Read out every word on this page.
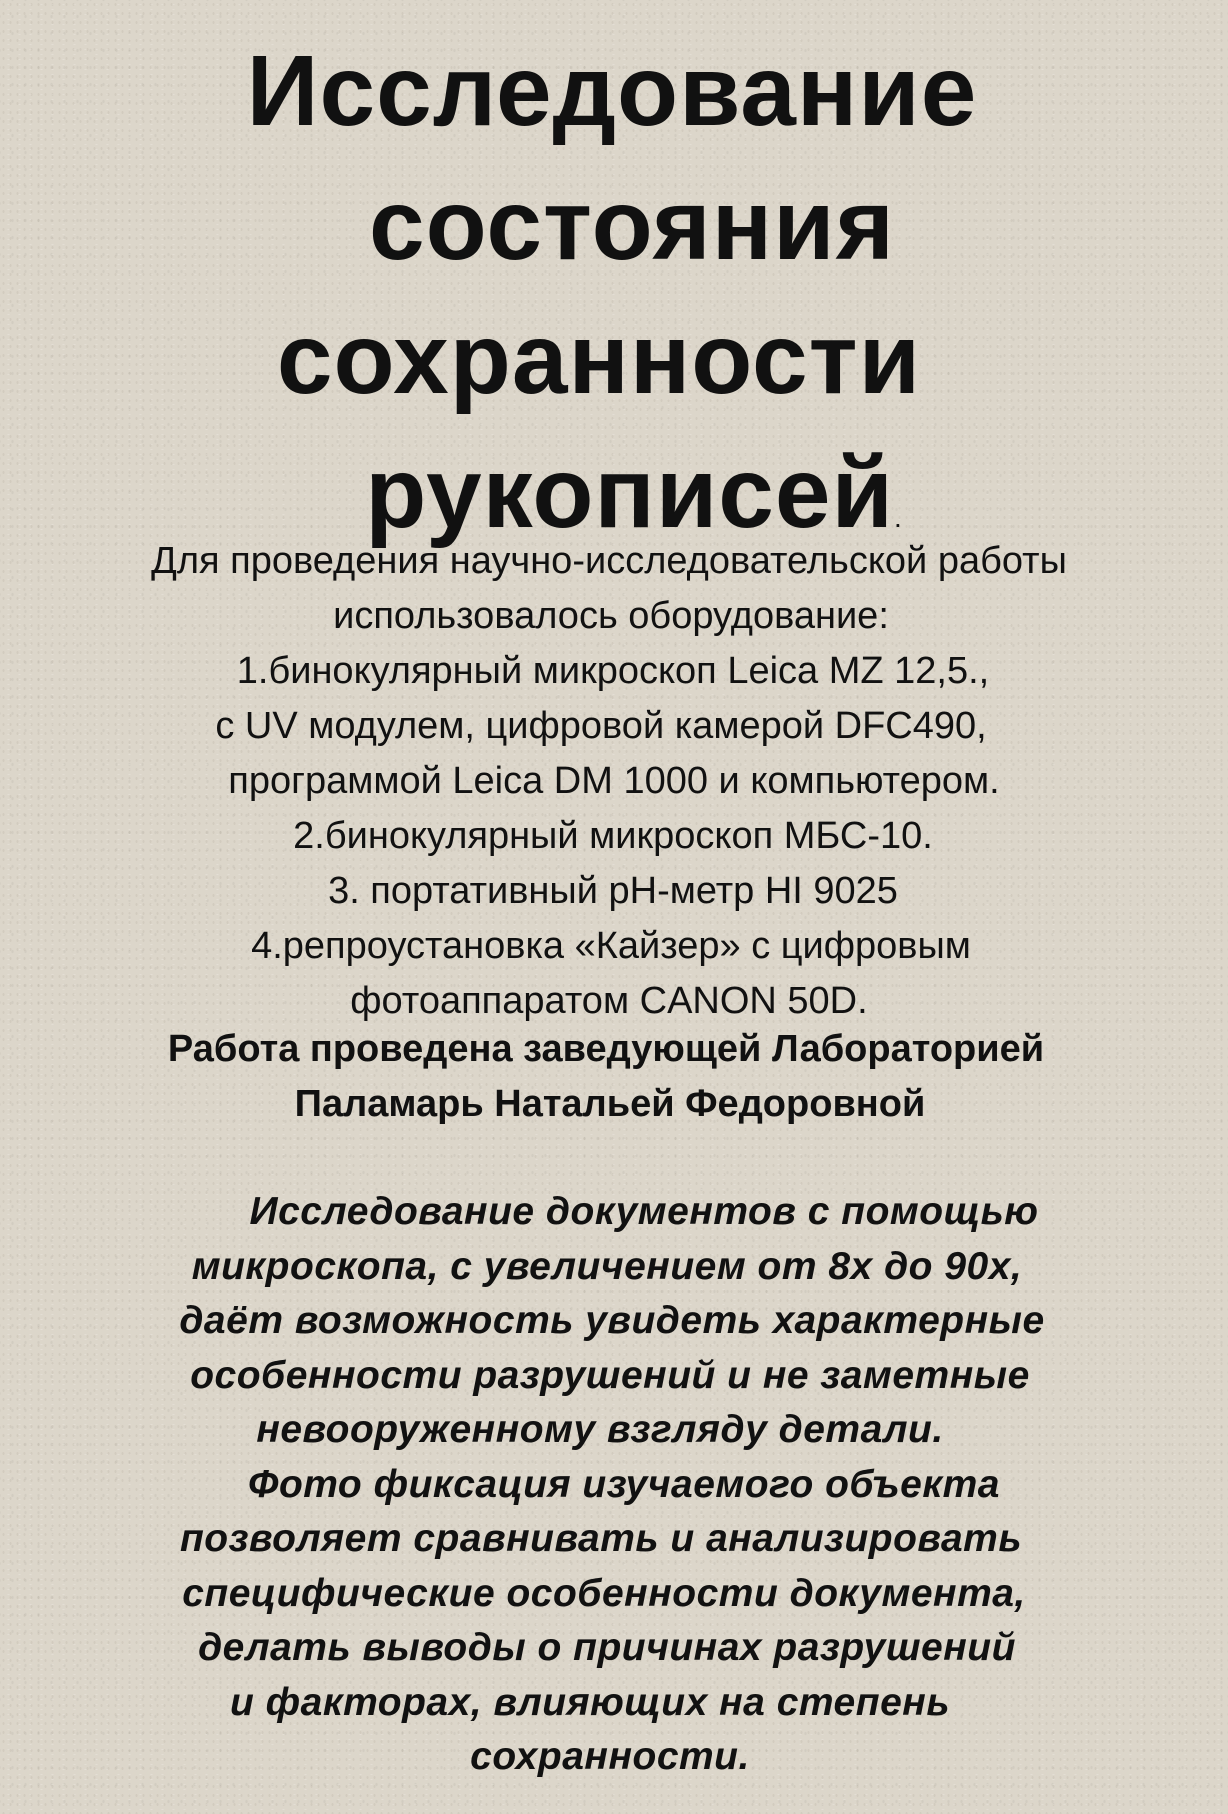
Исследование
состояния
сохранности
рукописей.
Для проведения научно-исследовательской работы
использовалось оборудование:
1.бинокулярный микроскоп Leica MZ 12,5.,
с UV модулем, цифровой камерой DFC490,
программой Leica DM 1000 и компьютером.
2.бинокулярный микроскоп МБС-10.
3. портативный рН-метр HI 9025
4.репроустановка «Кайзер» с цифровым
фотоаппаратом CANON 50D.
Работа проведена заведующей Лабораторией
Паламарь Натальей Федоровной
Исследование документов с помощью
микроскопа, с увеличением от 8х до 90х,
даёт возможность увидеть характерные
особенности разрушений и не заметные
невооруженному взгляду детали.
Фото фиксация изучаемого объекта
позволяет сравнивать и анализировать
специфические особенности документа,
делать выводы о причинах разрушений
и факторах, влияющих на степень
сохранности.
